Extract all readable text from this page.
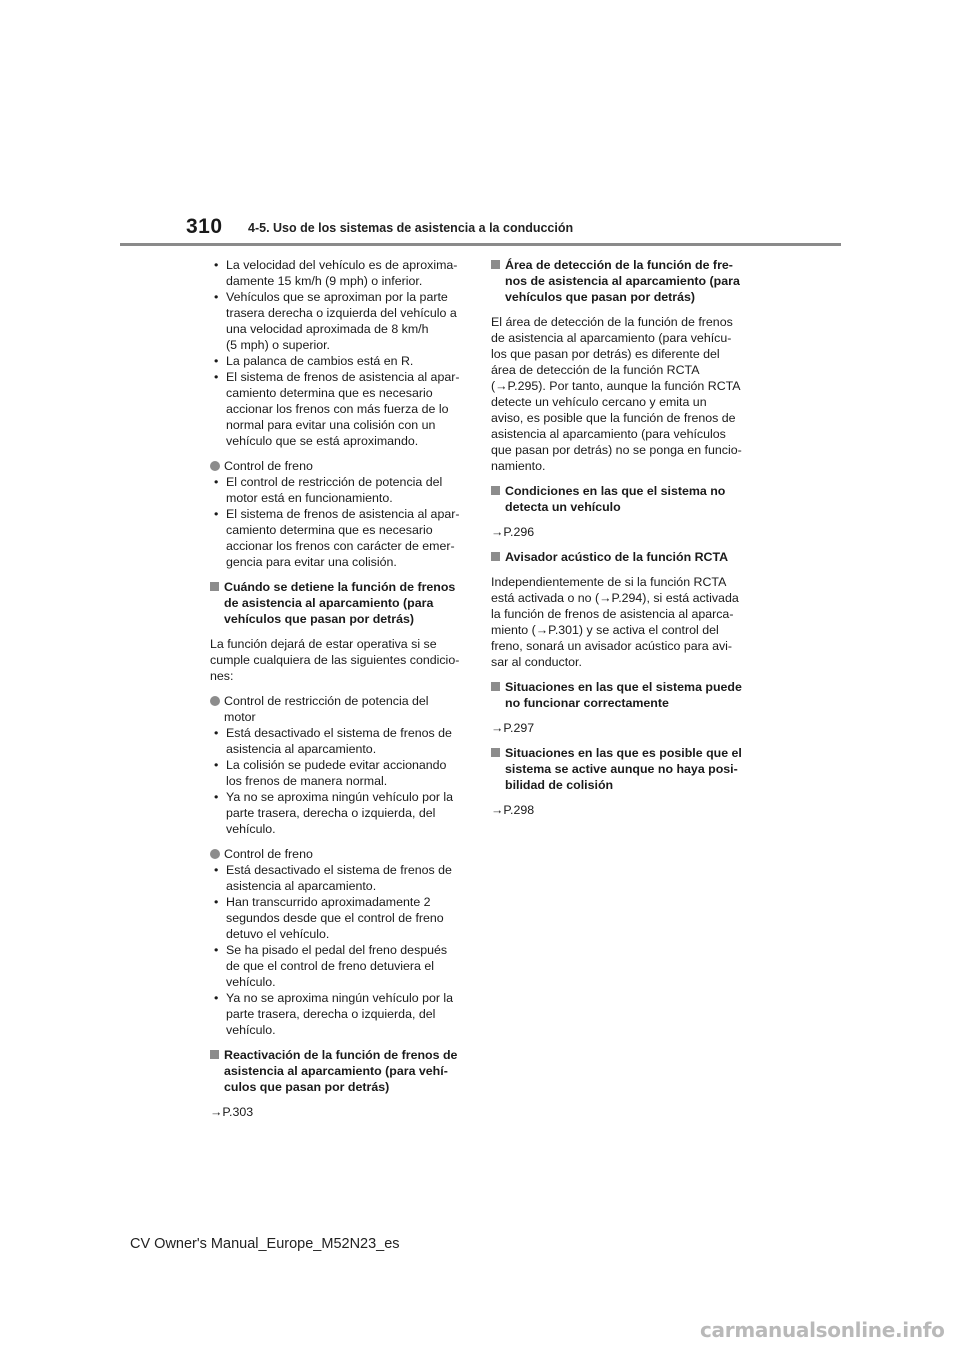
310 4-5. Uso de los sistemas de asistencia a la conducción
• La velocidad del vehículo es de aproxima-
damente 15 km/h (9 mph) o inferior.
• Vehículos que se aproximan por la parte
trasera derecha o izquierda del vehículo a
una velocidad aproximada de 8 km/h
(5 mph) o superior.
• La palanca de cambios está en R.
• El sistema de frenos de asistencia al apar-
camiento determina que es necesario
accionar los frenos con más fuerza de lo
normal para evitar una colisión con un
vehículo que se está aproximando.
Control de freno
• El control de restricción de potencia del
motor está en funcionamiento.
• El sistema de frenos de asistencia al apar-
camiento determina que es necesario
accionar los frenos con carácter de emer-
gencia para evitar una colisión.
Cuándo se detiene la función de frenos
de asistencia al aparcamiento (para
vehículos que pasan por detrás)
La función dejará de estar operativa si se
cumple cualquiera de las siguientes condicio-
nes:
Control de restricción de potencia del
motor
• Está desactivado el sistema de frenos de
asistencia al aparcamiento.
• La colisión se pudede evitar accionando
los frenos de manera normal.
• Ya no se aproxima ningún vehículo por la
parte trasera, derecha o izquierda, del
vehículo.
Control de freno
• Está desactivado el sistema de frenos de
asistencia al aparcamiento.
• Han transcurrido aproximadamente 2
segundos desde que el control de freno
detuvo el vehículo.
• Se ha pisado el pedal del freno después
de que el control de freno detuviera el
vehículo.
• Ya no se aproxima ningún vehículo por la
parte trasera, derecha o izquierda, del
vehículo.
Reactivación de la función de frenos de
asistencia al aparcamiento (para vehí-
culos que pasan por detrás)
→P.303
Área de detección de la función de fre-
nos de asistencia al aparcamiento (para
vehículos que pasan por detrás)
El área de detección de la función de frenos
de asistencia al aparcamiento (para vehícu-
los que pasan por detrás) es diferente del
área de detección de la función RCTA
(→P.295). Por tanto, aunque la función RCTA
detecte un vehículo cercano y emita un
aviso, es posible que la función de frenos de
asistencia al aparcamiento (para vehículos
que pasan por detrás) no se ponga en funcio-
namiento.
Condiciones en las que el sistema no
detecta un vehículo
→P.296
Avisador acústico de la función RCTA
Independientemente de si la función RCTA
está activada o no (→P.294), si está activada
la función de frenos de asistencia al aparca-
miento (→P.301) y se activa el control del
freno, sonará un avisador acústico para avi-
sar al conductor.
Situaciones en las que el sistema puede
no funcionar correctamente
→P.297
Situaciones en las que es posible que el
sistema se active aunque no haya posi-
bilidad de colisión
→P.298
CV Owner's Manual_Europe_M52N23_es
carmanualsonline.info
